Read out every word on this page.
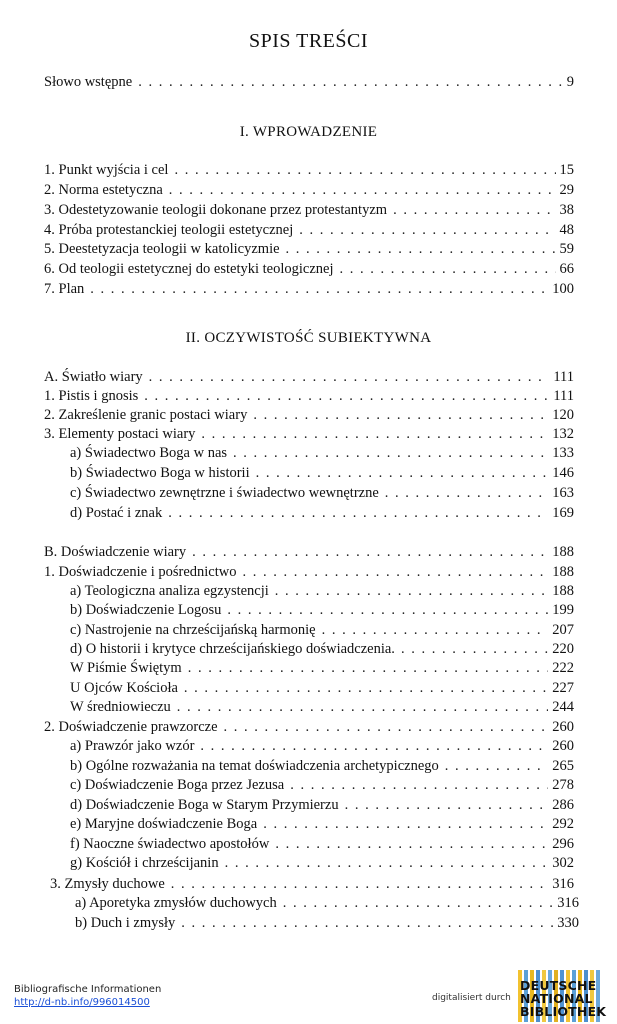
SPIS TREŚCI
Słowo wstępne . . .	9
I. WPROWADZENIE
1. Punkt wyjścia i cel . . .	15
2. Norma estetyczna . . .	29
3. Odestetyzowanie teologii dokonane przez protestantyzm . . .	38
4. Próba protestanckiej teologii estetycznej . . .	48
5. Deestetyzacja teologii w katolicyzmie . . .	59
6. Od teologii estetycznej do estetyki teologicznej . . .	66
7. Plan . . .	100
II. OCZYWISTOŚĆ SUBIEKTYWNA
A. Światło wiary . . .	111
1. Pistis i gnosis . . .	111
2. Zakreślenie granic postaci wiary . . .	120
3. Elementy postaci wiary . . .	132
a) Świadectwo Boga w nas . . .	133
b) Świadectwo Boga w historii . . .	146
c) Świadectwo zewnętrzne i świadectwo wewnętrzne . . .	163
d) Postać i znak . . .	169
B. Doświadczenie wiary . . .	188
1. Doświadczenie i pośrednictwo . . .	188
a) Teologiczna analiza egzystencji . . .	188
b) Doświadczenie Logosu . . .	199
c) Nastrojenie na chrześcijańską harmonię . . .	207
d) O historii i krytyce chrześcijańskiego doświadczenia. . . .	220
W Piśmie Świętym . . .	222
U Ojców Kościoła . . .	227
W średniowieczu . . .	244
2. Doświadczenie prawzorcze . . .	260
a) Prawzór jako wzór . . .	260
b) Ogólne rozważania na temat doświadczenia archetypicznego . . .	265
c) Doświadczenie Boga przez Jezusa . . .	278
d) Doświadczenie Boga w Starym Przymierzu . . .	286
e) Maryjne doświadczenie Boga . . .	292
f) Naoczne świadectwo apostołów . . .	296
g) Kościół i chrześcijanin . . .	302
3. Zmysły duchowe . . .	316
a) Aporetyka zmysłów duchowych . . .	316
b) Duch i zmysły . . .	330
Bibliografische Informationen
http://d-nb.info/996014500	digitalisiert durch
DEUTSCHE
NATIONAL
BIBLIOTHEK
